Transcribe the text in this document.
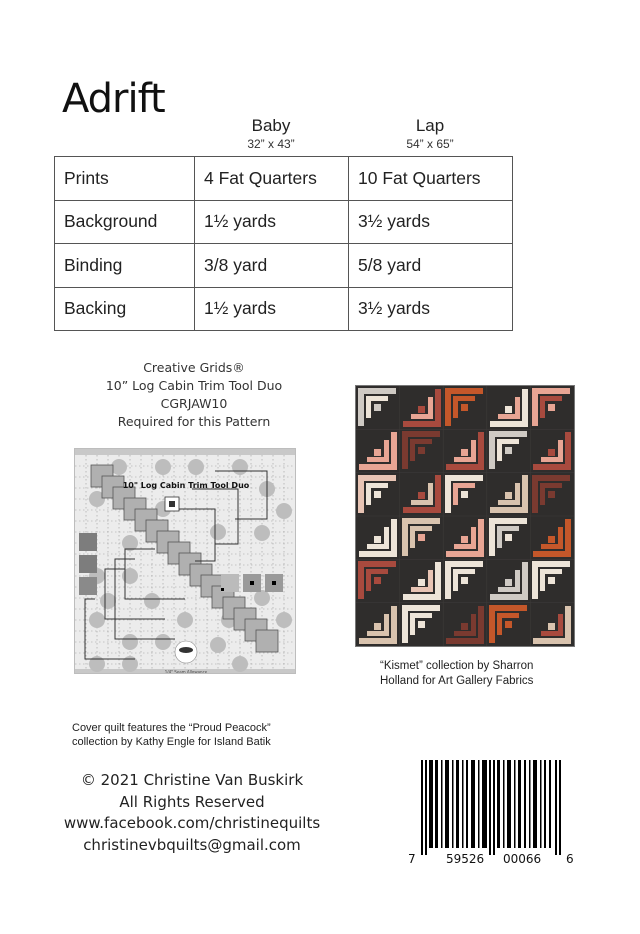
Adrift
Baby
32” x 43”
Lap
54” x 65”
Prints	4 Fat Quarters	10 Fat Quarters
Background	1½ yards	3½ yards
Binding	3/8 yard	5/8 yard
Backing	1½ yards	3½ yards
Creative Grids®
10” Log Cabin Trim Tool Duo
CGRJAW10
Required for this Pattern
10" Log Cabin Trim Tool Duo
1/4" Seam Allowance	“Kismet” collection by Sharron
Holland for Art Gallery Fabrics
Cover quilt features the “Proud Peacock”
collection by Kathy Engle for Island Batik
© 2021 Christine Van Buskirk
All Rights Reserved
www.facebook.com/christinequilts
christinevbquilts@gmail.com
7	59526 00066 6
